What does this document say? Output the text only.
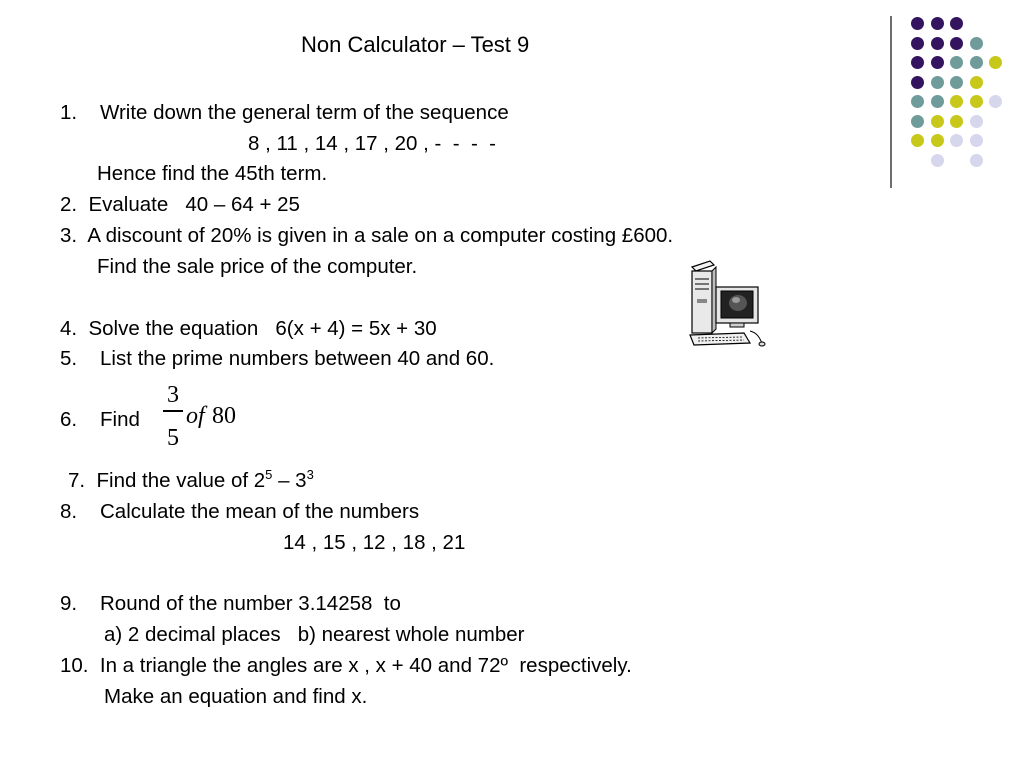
Non Calculator – Test 9
1. Write down the general term of the sequence
8 , 11 , 14 , 17 , 20 , -  -  -  -
Hence find the 45th term.
2.  Evaluate   40 – 64 + 25
3.  A discount of 20% is given in a sale on a computer costing £600.
Find the sale price of the computer.
4.  Solve the equation   6(x + 4) = 5x + 30
5. List the prime numbers between 40 and 60.
6. Find
3
5
of 80
7.  Find the value of $2^5 - 3^3$
8. Calculate the mean of the numbers
14 , 15 , 12 , 18 , 21
9. Round of the number 3.14258  to
a) 2 decimal places   b) nearest whole number
10.  In a triangle the angles are x , x + 40 and 72º  respectively.
Make an equation and find x.
